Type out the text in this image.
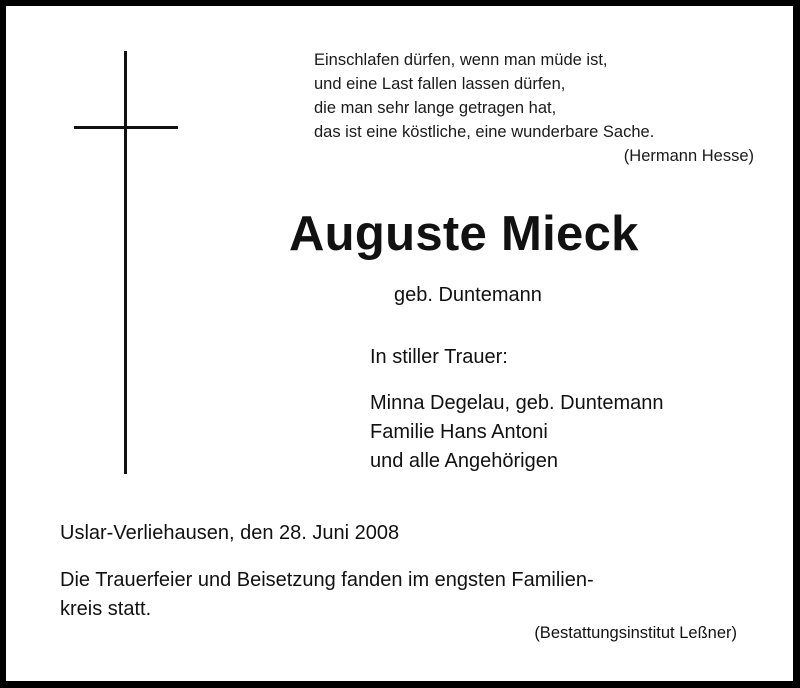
Einschlafen dürfen, wenn man müde ist,
und eine Last fallen lassen dürfen,
die man sehr lange getragen hat,
das ist eine köstliche, eine wunderbare Sache.
(Hermann Hesse)
Auguste Mieck
geb. Duntemann
In stiller Trauer:
Minna Degelau, geb. Duntemann
Familie Hans Antoni
und alle Angehörigen
Uslar-Verliehausen, den 28. Juni 2008
Die Trauerfeier und Beisetzung fanden im engsten Familien-
kreis statt.
(Bestattungsinstitut Leßner)
